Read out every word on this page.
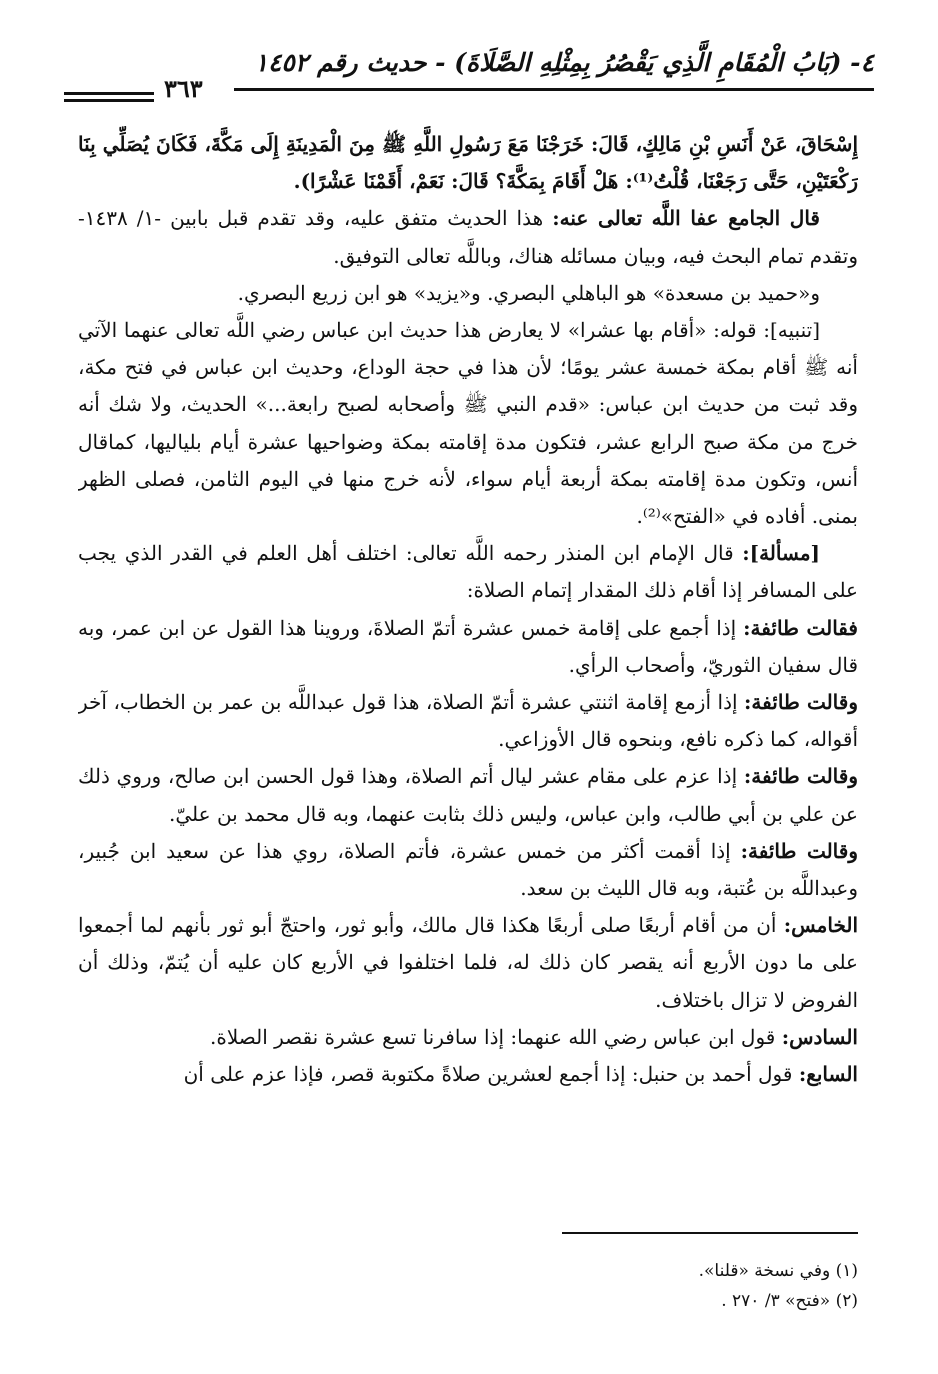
٤- (بَابُ الْمُقَامِ الَّذِي يَقْصُرُ بِمِثْلِهِ الصَّلَاةَ) - حديث رقم ١٤٥٢
٣٦٣

إِسْحَاقَ، عَنْ أَنَسِ بْنِ مَالِكٍ، قَالَ: خَرَجْنَا مَعَ رَسُولِ اللَّهِ ﷺ مِنَ الْمَدِينَةِ إِلَى مَكَّةَ، فَكَانَ يُصَلِّي بِنَا رَكْعَتَيْنِ، حَتَّى رَجَعْنَا، قُلْتُ⁽¹⁾: هَلْ أَقَامَ بِمَكَّةَ؟ قَالَ: نَعَمْ، أَقَمْنَا عَشْرًا).

قال الجامع عفا اللَّه تعالى عنه: هذا الحديث متفق عليه، وقد تقدم قبل بابين -١/ ١٤٣٨- وتقدم تمام البحث فيه، وبيان مسائله هناك، وباللَّه تعالى التوفيق.

و«حميد بن مسعدة» هو الباهلي البصري. و«يزيد» هو ابن زريع البصري.

[تنبيه]: قوله: «أقام بها عشرا» لا يعارض هذا حديث ابن عباس رضي اللَّه تعالى عنهما الآتي أنه ﷺ أقام بمكة خمسة عشر يومًا؛ لأن هذا في حجة الوداع، وحديث ابن عباس في فتح مكة، وقد ثبت من حديث ابن عباس: «قدم النبي ﷺ وأصحابه لصبح رابعة...» الحديث، ولا شك أنه خرج من مكة صبح الرابع عشر، فتكون مدة إقامته بمكة وضواحيها عشرة أيام بلياليها، كماقال أنس، وتكون مدة إقامته بمكة أربعة أيام سواء، لأنه خرج منها في اليوم الثامن، فصلى الظهر بمنى. أفاده في «الفتح»⁽²⁾.

[مسألة]: قال الإمام ابن المنذر رحمه اللَّه تعالى: اختلف أهل العلم في القدر الذي يجب على المسافر إذا أقام ذلك المقدار إتمام الصلاة:

فقالت طائفة: إذا أجمع على إقامة خمس عشرة أتمّ الصلاةَ، وروينا هذا القول عن ابن عمر، وبه قال سفيان الثوريّ، وأصحاب الرأي.

وقالت طائفة: إذا أزمع إقامة اثنتي عشرة أتمّ الصلاة، هذا قول عبداللَّه بن عمر بن الخطاب، آخر أقواله، كما ذكره نافع، وبنحوه قال الأوزاعي.

وقالت طائفة: إذا عزم على مقام عشر ليال أتم الصلاة، وهذا قول الحسن ابن صالح، وروي ذلك عن علي بن أبي طالب، وابن عباس، وليس ذلك بثابت عنهما، وبه قال محمد بن عليّ.

وقالت طائفة: إذا أقمت أكثر من خمس عشرة، فأتم الصلاة، روي هذا عن سعيد ابن جُبير، وعبداللَّه بن عُتبة، وبه قال الليث بن سعد.

الخامس: أن من أقام أربعًا صلى أربعًا هكذا قال مالك، وأبو ثور، واحتجّ أبو ثور بأنهم لما أجمعوا على ما دون الأربع أنه يقصر كان ذلك له، فلما اختلفوا في الأربع كان عليه أن يُتمّ، وذلك أن الفروض لا تزال باختلاف.

السادس: قول ابن عباس رضي الله عنهما: إذا سافرنا تسع عشرة نقصر الصلاة.

السابع: قول أحمد بن حنبل: إذا أجمع لعشرين صلاةً مكتوبة قصر، فإذا عزم على أن

(١) وفي نسخة «قلنا».

(٢) «فتح» ٣/ ٢٧٠ .
